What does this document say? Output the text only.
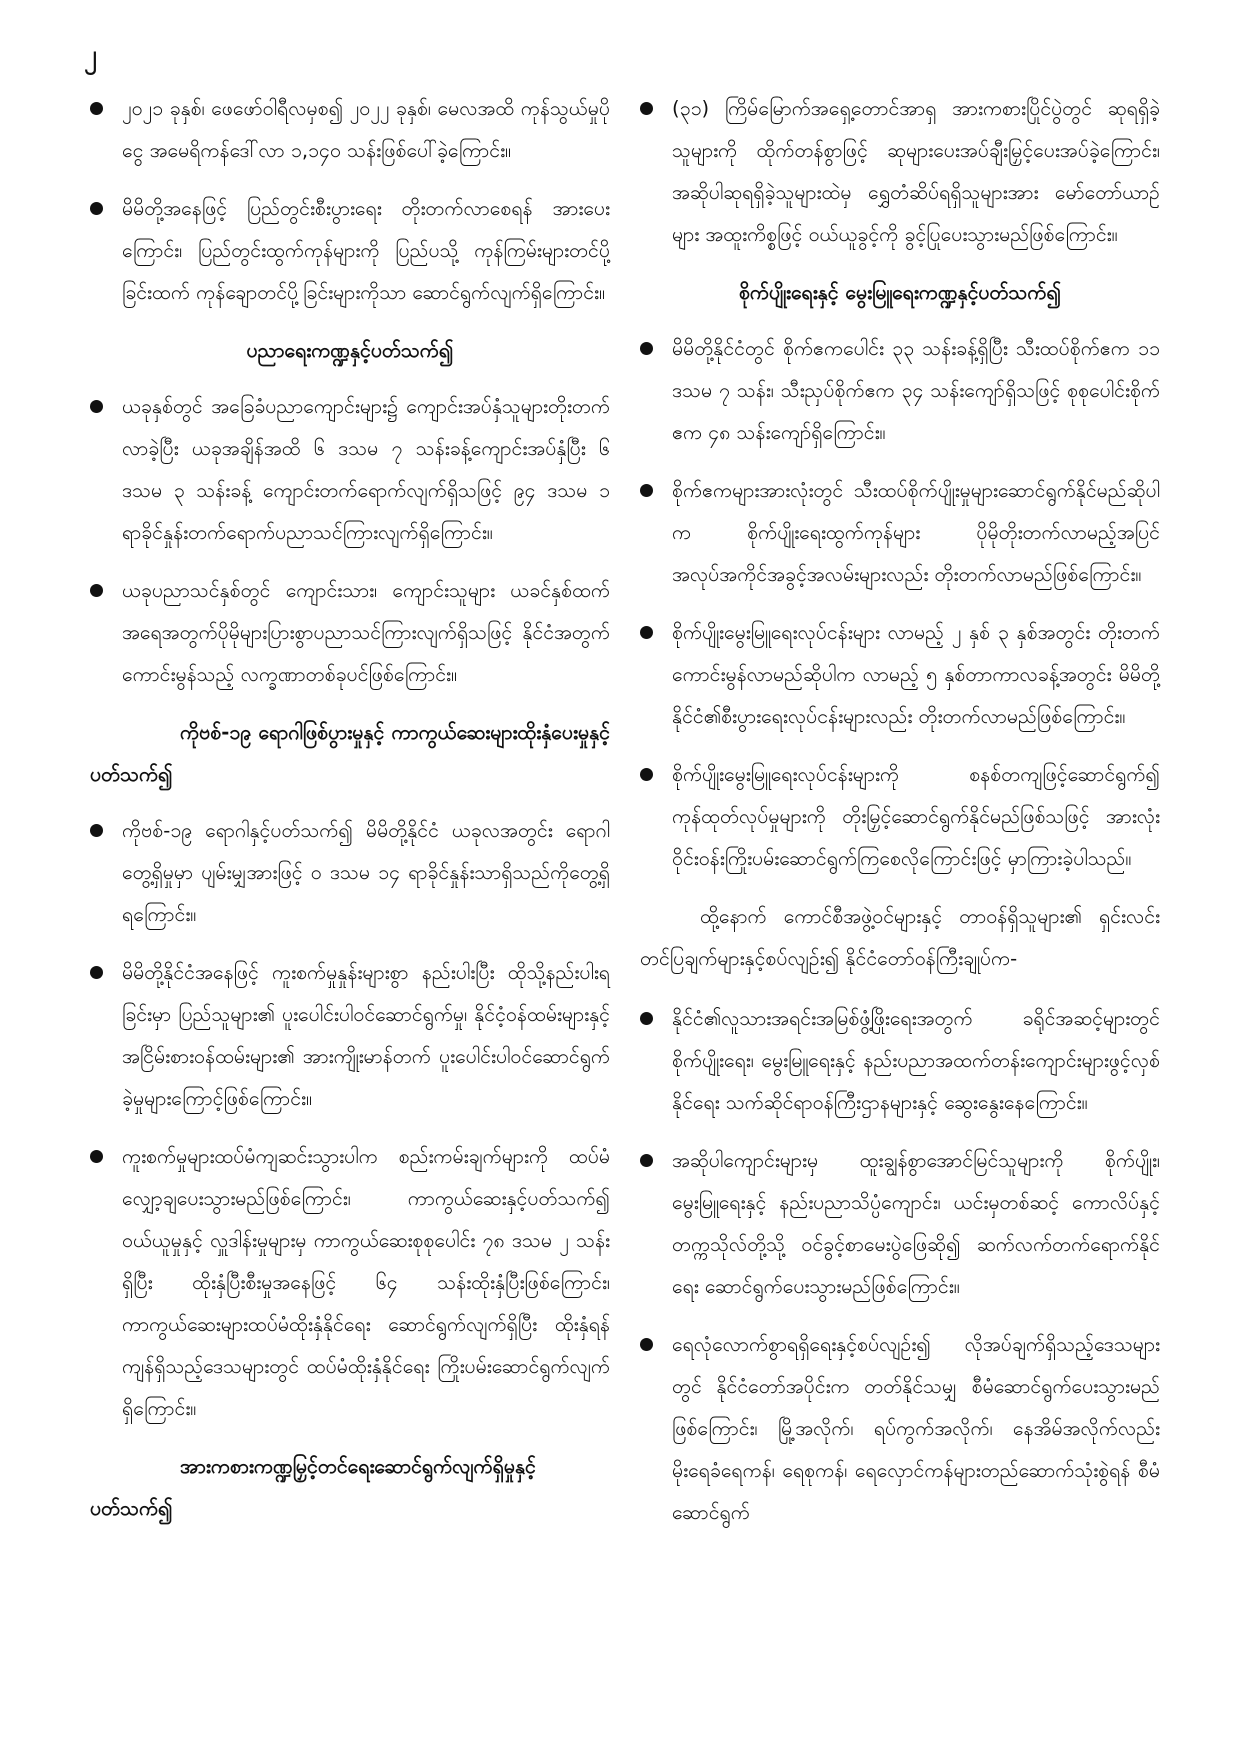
၂

၂၀၂၁ ခုနှစ်၊ ဖေဖော်ဝါရီလမှစ၍ ၂၀၂၂ ခုနှစ်၊ မေလအထိ ကုန်သွယ်မှုပိုငွေ အမေရိကန်ဒေါ်လာ ၁,၁၄၀ သန်းဖြစ်ပေါ်ခဲ့ကြောင်း။

မိမိတို့အနေဖြင့် ပြည်တွင်းစီးပွားရေး တိုးတက်လာစေရန် အားပေးကြောင်း၊ ပြည်တွင်းထွက်ကုန်များကို ပြည်ပသို့ ကုန်ကြမ်းများတင်ပို့ခြင်းထက် ကုန်ချောတင်ပို့ခြင်းများကိုသာ ဆောင်ရွက်လျက်ရှိကြောင်း။

ပညာရေးကဏ္ဍနှင့်ပတ်သက်၍

ယခုနှစ်တွင် အခြေခံပညာကျောင်းများ၌ ကျောင်းအပ်နှံသူများတိုးတက်လာခဲ့ပြီး ယခုအချိန်အထိ ၆ ဒသမ ၇ သန်းခန့်ကျောင်းအပ်နှံပြီး ၆ ဒသမ ၃ သန်းခန့် ကျောင်းတက်ရောက်လျက်ရှိသဖြင့် ၉၄ ဒသမ ၁ ရာခိုင်နှုန်းတက်ရောက်ပညာသင်ကြားလျက်ရှိကြောင်း။

ယခုပညာသင်နှစ်တွင် ကျောင်းသား၊ ကျောင်းသူများ ယခင်နှစ်ထက် အရေအတွက်ပိုမိုများပြားစွာပညာသင်ကြားလျက်ရှိသဖြင့် နိုင်ငံအတွက်ကောင်းမွန်သည့် လက္ခဏာတစ်ခုပင်ဖြစ်ကြောင်း။

ကိုဗစ်-၁၉ ရောဂါဖြစ်ပွားမှုနှင့် ကာကွယ်ဆေးများထိုးနှံပေးမှုနှင့်ပတ်သက်၍

ကိုဗစ်-၁၉ ရောဂါနှင့်ပတ်သက်၍ မိမိတို့နိုင်ငံ ယခုလအတွင်း ရောဂါတွေ့ရှိမှုမှာ ပျမ်းမျှအားဖြင့် ၀ ဒသမ ၁၄ ရာခိုင်နှုန်းသာရှိသည်ကိုတွေ့ရှိရကြောင်း။

မိမိတို့နိုင်ငံအနေဖြင့် ကူးစက်မှုနှုန်းများစွာ နည်းပါးပြီး ထိုသို့နည်းပါးရခြင်းမှာ ပြည်သူများ၏ ပူးပေါင်းပါဝင်ဆောင်ရွက်မှု၊ နိုင်ငံ့ဝန်ထမ်းများနှင့် အငြိမ်းစားဝန်ထမ်းများ၏ အားကျိုးမာန်တက် ပူးပေါင်းပါဝင်ဆောင်ရွက်ခဲ့မှုများကြောင့်ဖြစ်ကြောင်း။

ကူးစက်မှုများထပ်မံကျဆင်းသွားပါက စည်းကမ်းချက်များကို ထပ်မံလျှော့ချပေးသွားမည်ဖြစ်ကြောင်း၊ ကာကွယ်ဆေးနှင့်ပတ်သက်၍ ဝယ်ယူမှုနှင့် လှူဒါန်းမှုများမှ ကာကွယ်ဆေးစုစုပေါင်း ၇၈ ဒသမ ၂ သန်းရှိပြီး ထိုးနှံပြီးစီးမှုအနေဖြင့် ၆၄ သန်းထိုးနှံပြီးဖြစ်ကြောင်း၊ ကာကွယ်ဆေးများထပ်မံထိုးနှံနိုင်ရေး ဆောင်ရွက်လျက်ရှိပြီး ထိုးနှံရန်ကျန်ရှိသည့်ဒေသများတွင် ထပ်မံထိုးနှံနိုင်ရေး ကြိုးပမ်းဆောင်ရွက်လျက်ရှိကြောင်း။

အားကစားကဏ္ဍမြှင့်တင်ရေးဆောင်ရွက်လျက်ရှိမှုနှင့်ပတ်သက်၍

(၃၁) ကြိမ်မြောက်အရှေ့တောင်အာရှ အားကစားပြိုင်ပွဲတွင် ဆုရရှိခဲ့သူများကို ထိုက်တန်စွာဖြင့် ဆုများပေးအပ်ချီးမြှင့်ပေးအပ်ခဲ့ကြောင်း၊ အဆိုပါဆုရရှိခဲ့သူများထဲမှ ရွှေတံဆိပ်ရရှိသူများအား မော်တော်ယာဉ်များ အထူးကိစ္စဖြင့် ဝယ်ယူခွင့်ကို ခွင့်ပြုပေးသွားမည်ဖြစ်ကြောင်း။

စိုက်ပျိုးရေးနှင့် မွေးမြူရေးကဏ္ဍနှင့်ပတ်သက်၍

မိမိတို့နိုင်ငံတွင် စိုက်ဧကပေါင်း ၃၃ သန်းခန့်ရှိပြီး သီးထပ်စိုက်ဧက ၁၁ ဒသမ ၇ သန်း၊ သီးညှပ်စိုက်ဧက ၃၄ သန်းကျော်ရှိသဖြင့် စုစုပေါင်းစိုက်ဧက ၄၈ သန်းကျော်ရှိကြောင်း။

စိုက်ဧကများအားလုံးတွင် သီးထပ်စိုက်ပျိုးမှုများဆောင်ရွက်နိုင်မည်ဆိုပါက စိုက်ပျိုးရေးထွက်ကုန်များ ပိုမိုတိုးတက်လာမည့်အပြင် အလုပ်အကိုင်အခွင့်အလမ်းများလည်း တိုးတက်လာမည်ဖြစ်ကြောင်း။

စိုက်ပျိုးမွေးမြူရေးလုပ်ငန်းများ လာမည့် ၂ နှစ် ၃ နှစ်အတွင်း တိုးတက်ကောင်းမွန်လာမည်ဆိုပါက လာမည့် ၅ နှစ်တာကာလခန့်အတွင်း မိမိတို့နိုင်ငံ၏စီးပွားရေးလုပ်ငန်းများလည်း တိုးတက်လာမည်ဖြစ်ကြောင်း။

စိုက်ပျိုးမွေးမြူရေးလုပ်ငန်းများကို စနစ်တကျဖြင့်ဆောင်ရွက်၍ ကုန်ထုတ်လုပ်မှုများကို တိုးမြှင့်ဆောင်ရွက်နိုင်မည်ဖြစ်သဖြင့် အားလုံးဝိုင်းဝန်းကြိုးပမ်းဆောင်ရွက်ကြစေလိုကြောင်းဖြင့် မှာကြားခဲ့ပါသည်။

ထို့နောက် ကောင်စီအဖွဲ့ဝင်များနှင့် တာဝန်ရှိသူများ၏ ရှင်းလင်းတင်ပြချက်များနှင့်စပ်လျဉ်း၍ နိုင်ငံတော်ဝန်ကြီးချုပ်က-

နိုင်ငံ၏လူသားအရင်းအမြစ်ဖွံ့ဖြိုးရေးအတွက် ခရိုင်အဆင့်များတွင် စိုက်ပျိုးရေး၊ မွေးမြူရေးနှင့် နည်းပညာအထက်တန်းကျောင်းများဖွင့်လှစ်နိုင်ရေး သက်ဆိုင်ရာဝန်ကြီးဌာနများနှင့် ဆွေးနွေးနေကြောင်း။

အဆိုပါကျောင်းများမှ ထူးချွန်စွာအောင်မြင်သူများကို စိုက်ပျိုး၊ မွေးမြူရေးနှင့် နည်းပညာသိပ္ပံကျောင်း၊ ယင်းမှတစ်ဆင့် ကောလိပ်နှင့် တက္ကသိုလ်တို့သို့ ဝင်ခွင့်စာမေးပွဲဖြေဆို၍ ဆက်လက်တက်ရောက်နိုင်ရေး ဆောင်ရွက်ပေးသွားမည်ဖြစ်ကြောင်း။

ရေလုံလောက်စွာရရှိရေးနှင့်စပ်လျဉ်း၍ လိုအပ်ချက်ရှိသည့်ဒေသများတွင် နိုင်ငံတော်အပိုင်းက တတ်နိုင်သမျှ စီမံဆောင်ရွက်ပေးသွားမည်ဖြစ်ကြောင်း၊ မြို့အလိုက်၊ ရပ်ကွက်အလိုက်၊ နေအိမ်အလိုက်လည်း မိုးရေခံရေကန်၊ ရေစုကန်၊ ရေလှောင်ကန်များတည်ဆောက်သုံးစွဲရန် စီမံဆောင်ရွက်
